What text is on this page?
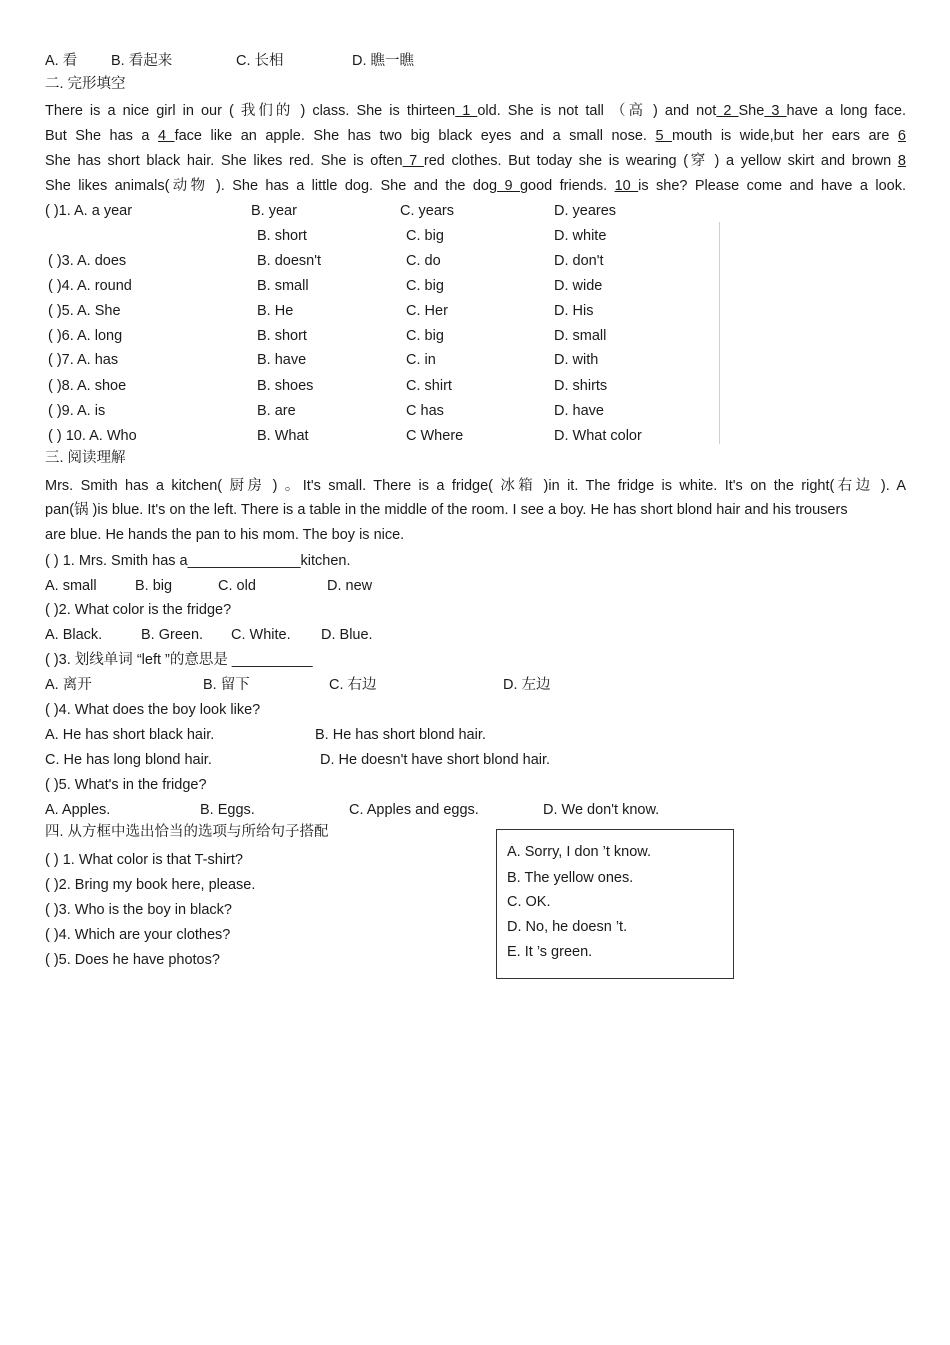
A. 看 B. 看起来	C. 长相	D. 瞧一瞧
二. 完形填空
There is a nice girl in our ( 我们的 ) class. She is thirteen 1 old. She is not tall （高 ) and not 2 She 3 have a long face.
But She has a 4 face like an apple. She has two big black eyes and a small nose. 5 mouth is wide,but her ears are 6
She has short black hair. She likes red. She is often 7 red clothes. But today she is wearing (穿 ) a yellow skirt and brown 8
She likes animals(动物 ). She has a little dog. She and the dog 9 good friends. 10 is she? Please come and have a look.
( )1. A. a year	B. year	C. years	D. yeares
B. short	C. big	D. white
( )3. A. does	B. doesn't	C. do	D. don't
( )4. A. round	B. small	C. big	D. wide
( )5. A. She	B. He	C. Her	D. His
( )6. A. long	B. short	C. big	D. small
( )7. A. has	B. have	C. in	D. with
( )8. A. shoe	B. shoes	C. shirt	D. shirts
( )9. A. is	B. are	C has	D. have
( ) 10. A. Who	B. What	C Where	D. What color
三. 阅读理解
Mrs. Smith has a kitchen( 厨房 ) 。It's small. There is a fridge( 冰箱 )in it. The fridge is white. It's on the right(右边 ). A
pan(锅 )is blue. It's on the left. There is a table in the middle of the room. I see a boy. He has short blond hair and his trousers
are blue. He hands the pan to his mom. The boy is nice.
( ) 1. Mrs. Smith has a______________kitchen.
A. small	B. big	C. old	D. new
( )2. What color is the fridge?
A. Black.	B. Green. C. White. D. Blue.
( )3. 划线单词 “left ”的意思是 __________
A. 离开	B. 留下	C. 右边	D. 左边
( )4. What does the boy look like?
A. He has short black hair.	B. He has short blond hair.
C. He has long blond hair.	D. He doesn't have short blond hair.
( )5. What's in the fridge?
A. Apples.	B. Eggs.	C. Apples and eggs.	D. We don't know.
四. 从方框中选出恰当的选项与所给句子搭配
( ) 1. What color is that T-shirt?
( )2. Bring my book here, please.
( )3. Who is the boy in black?
( )4. Which are your clothes?
( )5. Does he have photos?
A. Sorry, I don ’t know.
B. The yellow ones.
C. OK.
D. No, he doesn ’t.
E. It ’s green.
